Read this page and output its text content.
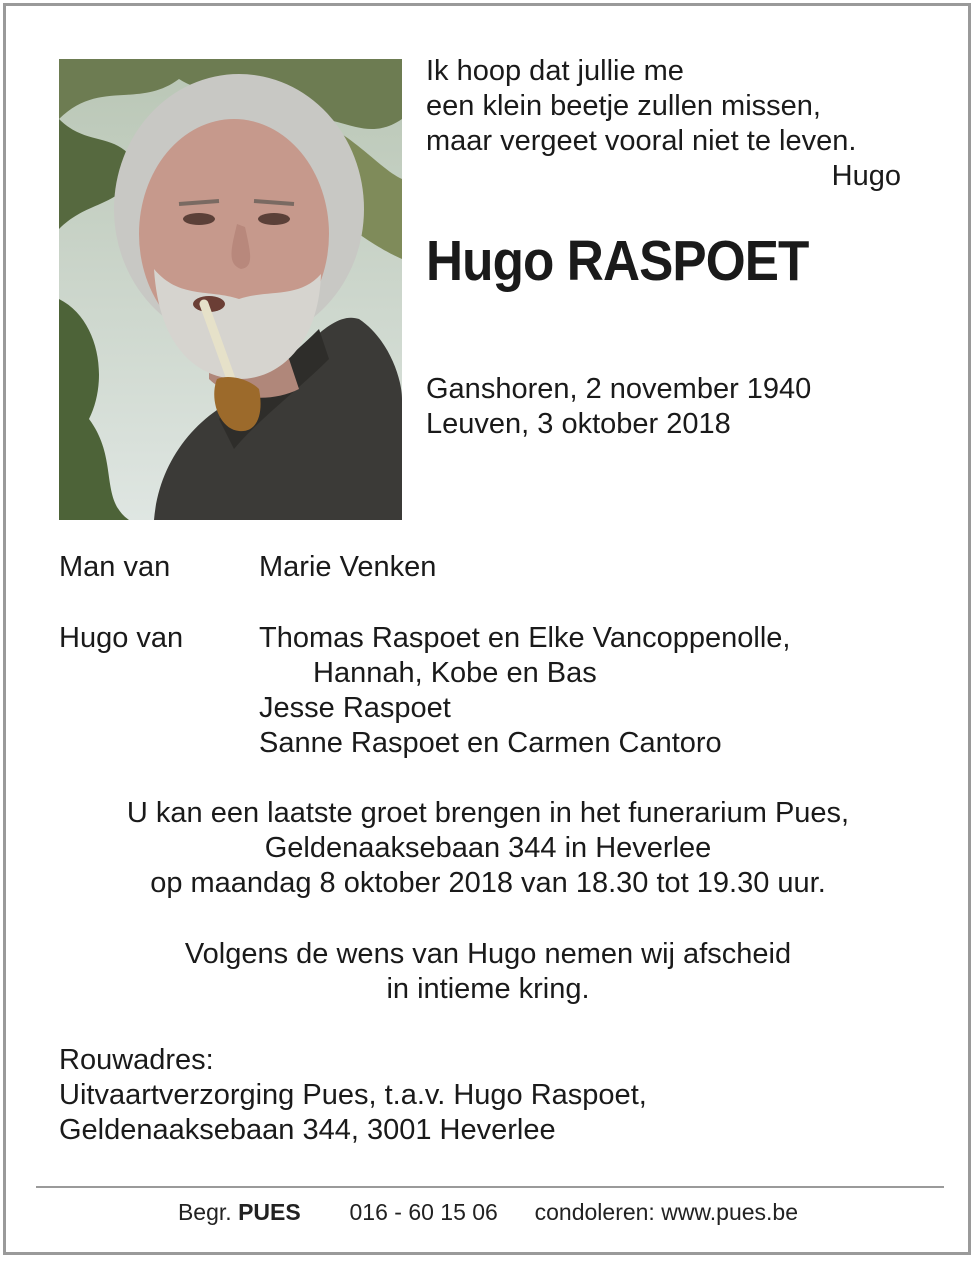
Ik hoop dat jullie me
een klein beetje zullen missen,
maar vergeet vooral niet te leven.
Hugo
Hugo RASPOET
Ganshoren, 2 november 1940
Leuven, 3 oktober 2018
Man van	Marie Venken
Hugo van	Thomas Raspoet en Elke Vancoppenolle,
Hannah, Kobe en Bas
Jesse Raspoet
Sanne Raspoet en Carmen Cantoro
U kan een laatste groet brengen in het funerarium Pues,
Geldenaaksebaan 344 in Heverlee
op maandag 8 oktober 2018 van 18.30 tot 19.30 uur.
Volgens de wens van Hugo nemen wij afscheid
in intieme kring.
Rouwadres:
Uitvaartverzorging Pues, t.a.v. Hugo Raspoet,
Geldenaaksebaan 344, 3001 Heverlee
Begr. PUES 016 - 60 15 06 condoleren: www.pues.be
